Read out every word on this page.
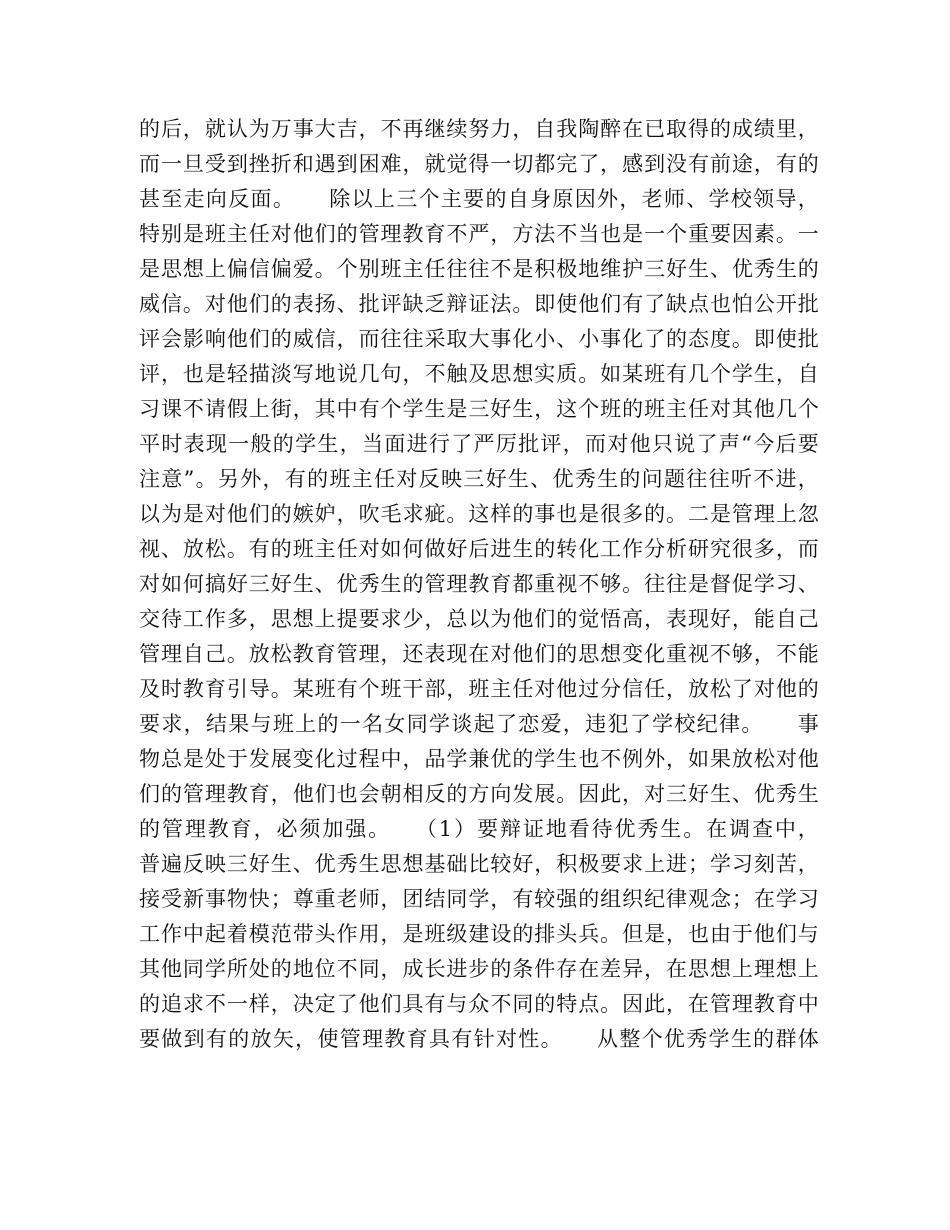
的后，就认为万事大吉，不再继续努力，自我陶醉在已取得的成绩里，
而一旦受到挫折和遇到困难，就觉得一切都完了，感到没有前途，有的
甚至走向反面。　　除以上三个主要的自身原因外，老师、学校领导，
特别是班主任对他们的管理教育不严，方法不当也是一个重要因素。一
是思想上偏信偏爱。个别班主任往往不是积极地维护三好生、优秀生的
威信。对他们的表扬、批评缺乏辩证法。即使他们有了缺点也怕公开批
评会影响他们的威信，而往往采取大事化小、小事化了的态度。即使批
评，也是轻描淡写地说几句，不触及思想实质。如某班有几个学生，自
习课不请假上街，其中有个学生是三好生，这个班的班主任对其他几个
平时表现一般的学生，当面进行了严厉批评，而对他只说了声“今后要
注意”。另外，有的班主任对反映三好生、优秀生的问题往往听不进，
以为是对他们的嫉妒，吹毛求疵。这样的事也是很多的。二是管理上忽
视、放松。有的班主任对如何做好后进生的转化工作分析研究很多，而
对如何搞好三好生、优秀生的管理教育都重视不够。往往是督促学习、
交待工作多，思想上提要求少，总以为他们的觉悟高，表现好，能自己
管理自己。放松教育管理，还表现在对他们的思想变化重视不够，不能
及时教育引导。某班有个班干部，班主任对他过分信任，放松了对他的
要求，结果与班上的一名女同学谈起了恋爱，违犯了学校纪律。　　事
物总是处于发展变化过程中，品学兼优的学生也不例外，如果放松对他
们的管理教育，他们也会朝相反的方向发展。因此，对三好生、优秀生
的管理教育，必须加强。　　（1）要辩证地看待优秀生。在调查中，
普遍反映三好生、优秀生思想基础比较好，积极要求上进；学习刻苦，
接受新事物快；尊重老师，团结同学，有较强的组织纪律观念；在学习
工作中起着模范带头作用，是班级建设的排头兵。但是，也由于他们与
其他同学所处的地位不同，成长进步的条件存在差异，在思想上理想上
的追求不一样，决定了他们具有与众不同的特点。因此，在管理教育中
要做到有的放矢，使管理教育具有针对性。　　从整个优秀学生的群体
